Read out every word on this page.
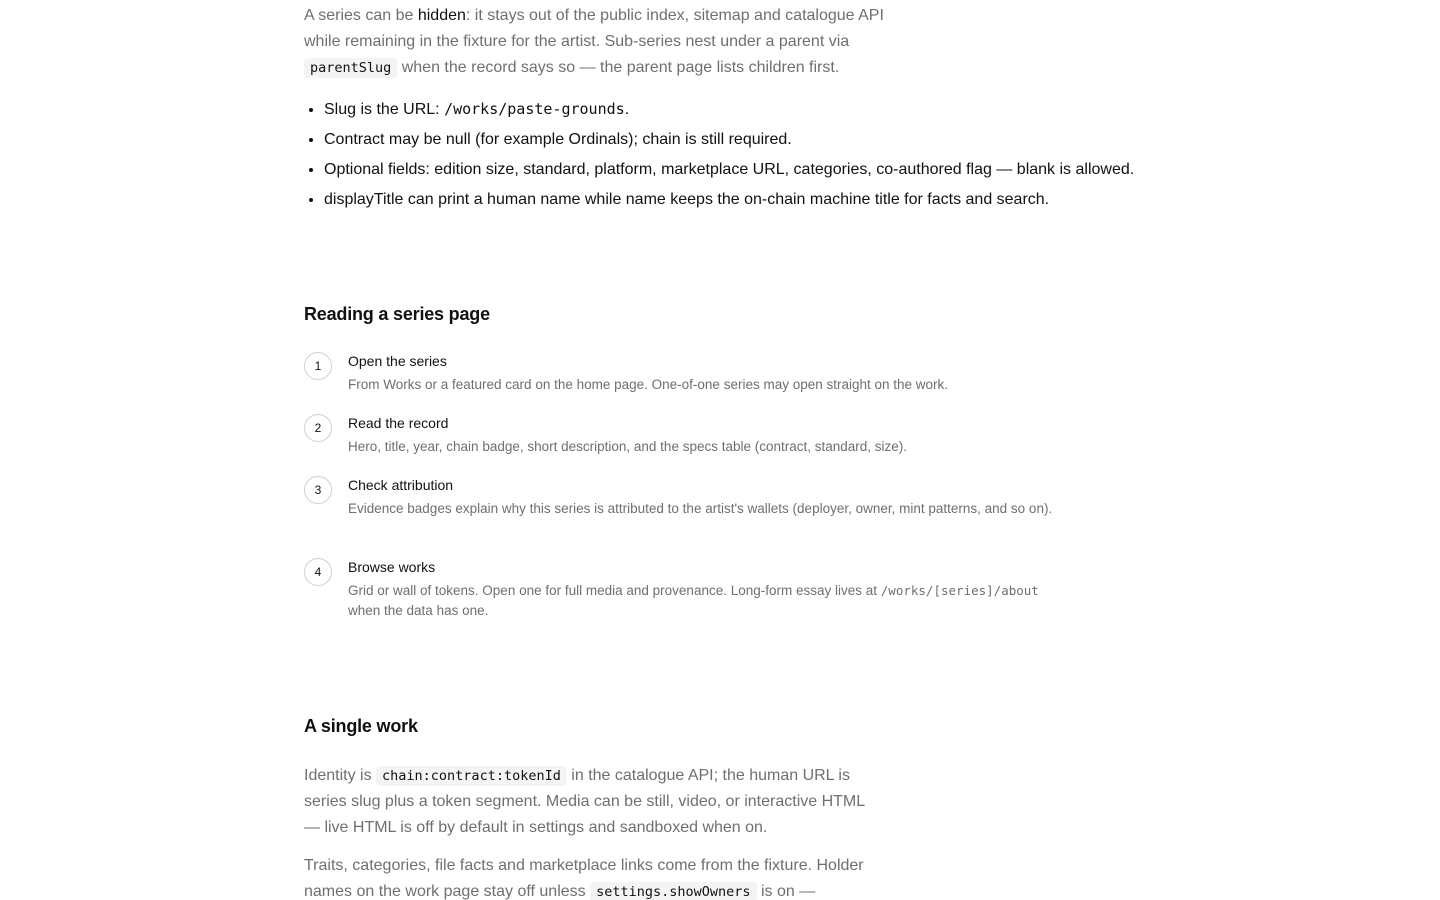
A series can be hidden: it stays out of the public index, sitemap and catalogue API while remaining in the fixture for the artist. Sub-series nest under a parent via parentSlug when the record says so — the parent page lists children first.

• Slug is the URL: /works/paste-grounds.
• Contract may be null (for example Ordinals); chain is still required.
• Optional fields: edition size, standard, platform, marketplace URL, categories, co-authored flag — blank is allowed.
• displayTitle can print a human name while name keeps the on-chain machine title for facts and search.
Reading a series page
1	Open the series
From Works or a featured card on the home page. One-of-one series may open straight on the work.
2	Read the record
Hero, title, year, chain badge, short description, and the specs table (contract, standard, size).
3	Check attribution
Evidence badges explain why this series is attributed to the artist's wallets (deployer, owner, mint patterns, and so on).
4	Browse works
Grid or wall of tokens. Open one for full media and provenance. Long-form essay lives at /works/[series]/about when the data has one.
A single work

Identity is chain:contract:tokenId in the catalogue API; the human URL is series slug plus a token segment. Media can be still, video, or interactive HTML — live HTML is off by default in settings and sandboxed when on.

Traits, categories, file facts and marketplace links come from the fixture. Holder names on the work page stay off unless settings.showOwners is on —
